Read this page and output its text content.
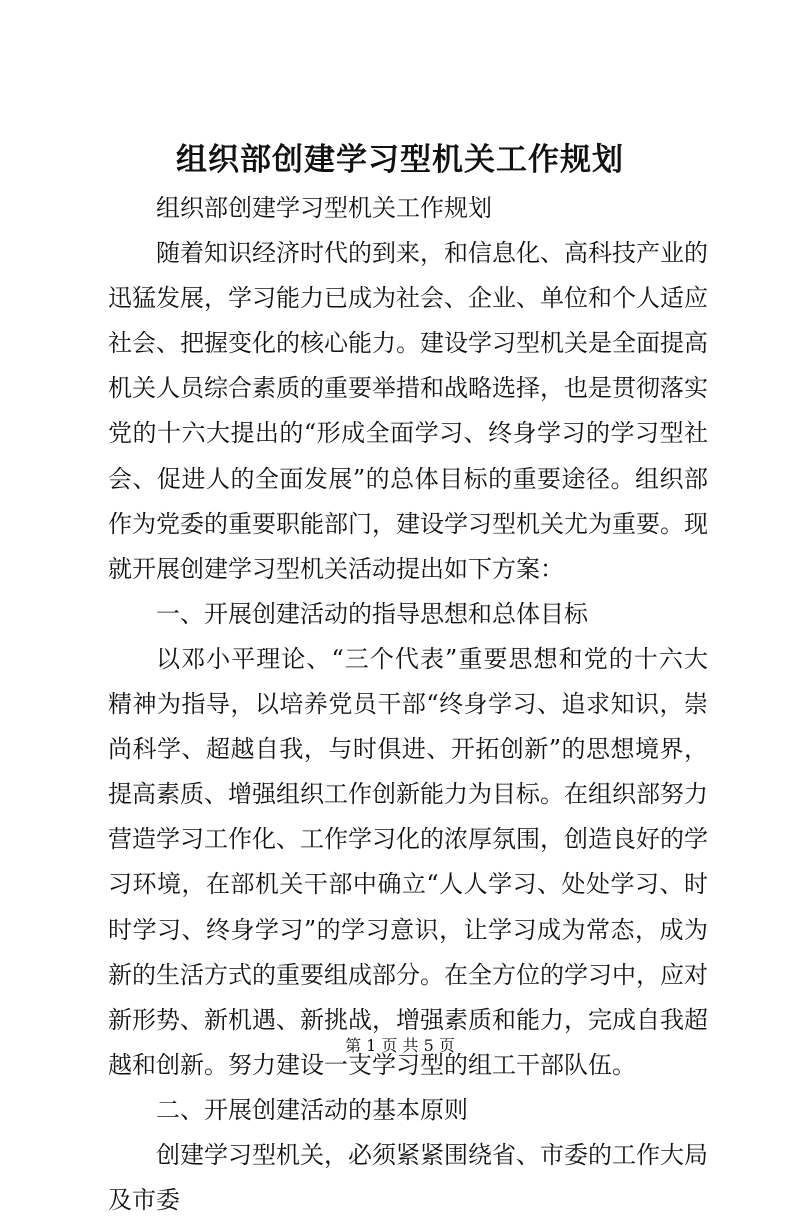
组织部创建学习型机关工作规划

组织部创建学习型机关工作规划

随着知识经济时代的到来，和信息化、高科技产业的迅猛发展，学习能力已成为社会、企业、单位和个人适应社会、把握变化的核心能力。建设学习型机关是全面提高机关人员综合素质的重要举措和战略选择，也是贯彻落实党的十六大提出的“形成全面学习、终身学习的学习型社会、促进人的全面发展”的总体目标的重要途径。组织部作为党委的重要职能部门，建设学习型机关尤为重要。现就开展创建学习型机关活动提出如下方案：

一、开展创建活动的指导思想和总体目标

以邓小平理论、“三个代表”重要思想和党的十六大精神为指导，以培养党员干部“终身学习、追求知识，崇尚科学、超越自我，与时俱进、开拓创新”的思想境界，提高素质、增强组织工作创新能力为目标。在组织部努力营造学习工作化、工作学习化的浓厚氛围，创造良好的学习环境，在部机关干部中确立“人人学习、处处学习、时时学习、终身学习”的学习意识，让学习成为常态，成为新的生活方式的重要组成部分。在全方位的学习中，应对新形势、新机遇、新挑战，增强素质和能力，完成自我超越和创新。努力建设一支学习型的组工干部队伍。

二、开展创建活动的基本原则

创建学习型机关，必须紧紧围绕省、市委的工作大局及市委

第 1 页 共 5 页
